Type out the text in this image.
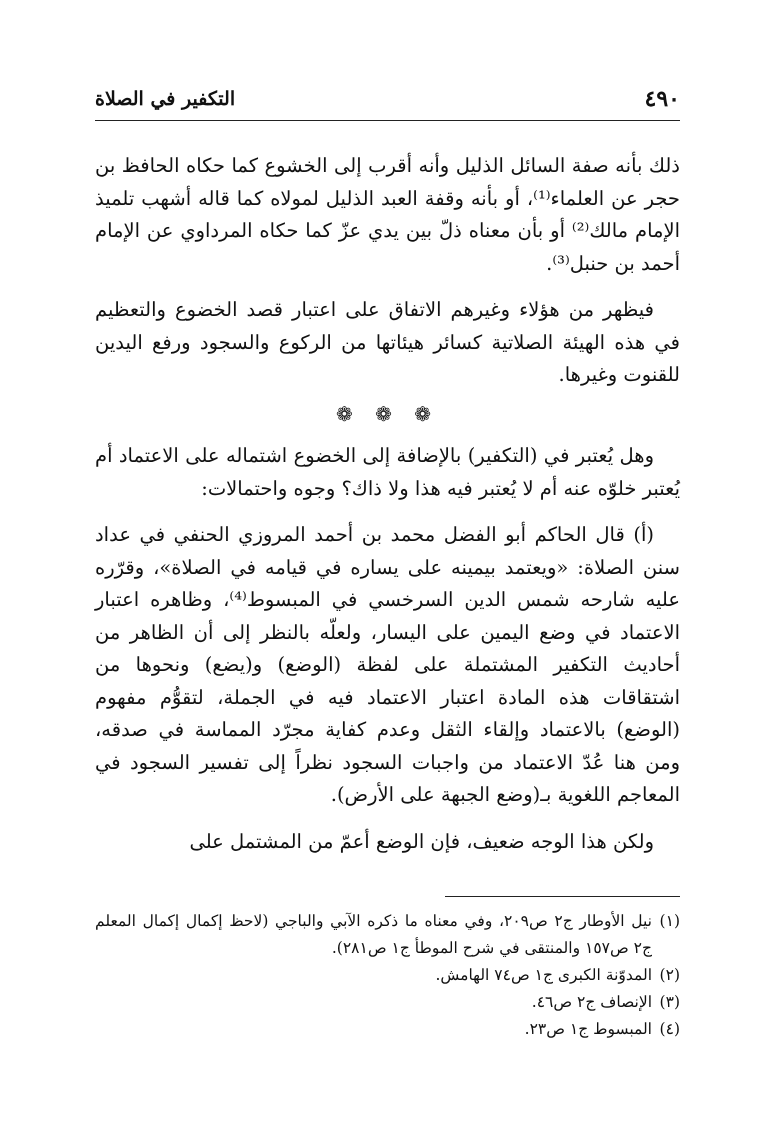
٤٩٠
التكفير في الصلاة

ذلك بأنه صفة السائل الذليل وأنه أقرب إلى الخشوع كما حكاه الحافظ بن حجر عن العلماء⁽¹⁾، أو بأنه وقفة العبد الذليل لمولاه كما قاله أشهب تلميذ الإمام مالك⁽²⁾ أو بأن معناه ذلّ بين يدي عزّ كما حكاه المرداوي عن الإمام أحمد بن حنبل⁽³⁾.

فيظهر من هؤلاء وغيرهم الاتفاق على اعتبار قصد الخضوع والتعظيم في هذه الهيئة الصلاتية كسائر هيئاتها من الركوع والسجود ورفع اليدين للقنوت وغيرها.

❁ ❁ ❁

وهل يُعتبر في (التكفير) بالإضافة إلى الخضوع اشتماله على الاعتماد أم يُعتبر خلوّه عنه أم لا يُعتبر فيه هذا ولا ذاك؟ وجوه واحتمالات:

(أ) قال الحاكم أبو الفضل محمد بن أحمد المروزي الحنفي في عداد سنن الصلاة: «ويعتمد بيمينه على يساره في قيامه في الصلاة»، وقرّره عليه شارحه شمس الدين السرخسي في المبسوط⁽⁴⁾، وظاهره اعتبار الاعتماد في وضع اليمين على اليسار، ولعلّه بالنظر إلى أن الظاهر من أحاديث التكفير المشتملة على لفظة (الوضع) و(يضع) ونحوها من اشتقاقات هذه المادة اعتبار الاعتماد فيه في الجملة، لتقوُّم مفهوم (الوضع) بالاعتماد وإلقاء الثقل وعدم كفاية مجرّد المماسة في صدقه، ومن هنا عُدّ الاعتماد من واجبات السجود نظراً إلى تفسير السجود في المعاجم اللغوية بـ(وضع الجبهة على الأرض).

ولكن هذا الوجه ضعيف، فإن الوضع أعمّ من المشتمل على

(١)
نيل الأوطار ج٢ ص٢٠٩، وفي معناه ما ذكره الآبي والباجي (لاحظ إكمال إكمال المعلم ج٢ ص١٥٧ والمنتقى في شرح الموطأ ج١ ص٢٨١).
(٢)
المدوّنة الكبرى ج١ ص٧٤ الهامش.
(٣)
الإنصاف ج٢ ص٤٦.
(٤)
المبسوط ج١ ص٢٣.
